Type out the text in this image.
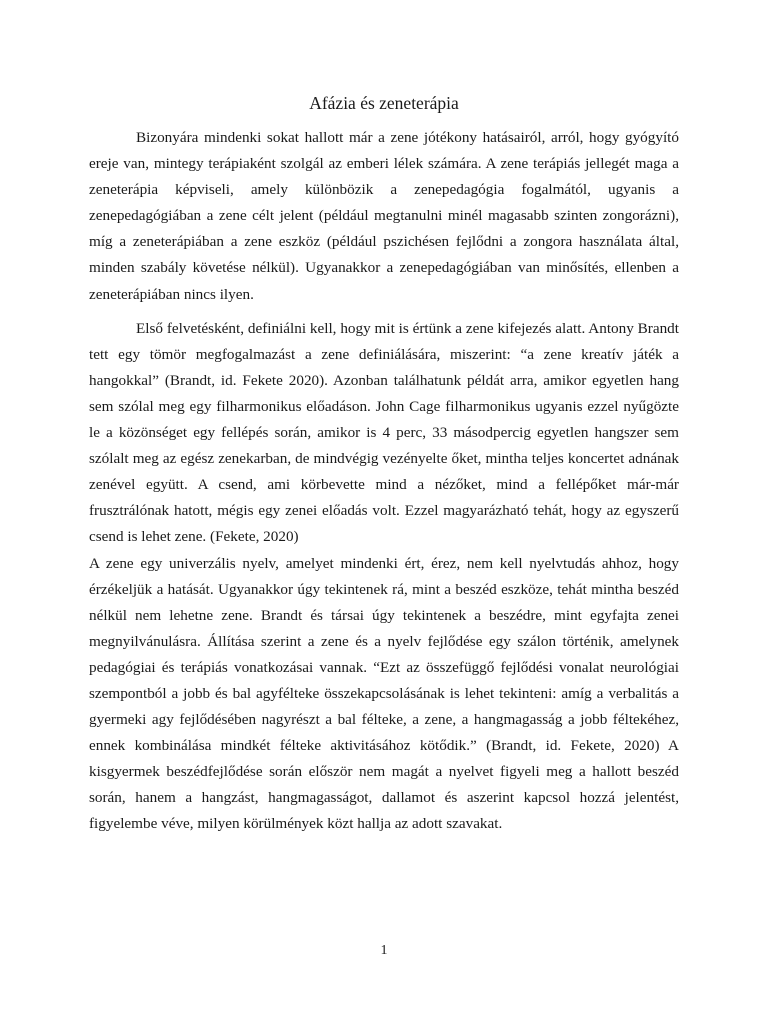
Afázia és zeneterápia

Bizonyára mindenki sokat hallott már a zene jótékony hatásairól, arról, hogy gyógyító ereje van, mintegy terápiaként szolgál az emberi lélek számára. A zene terápiás jellegét maga a zeneterápia képviseli, amely különbözik a zenepedagógia fogalmától, ugyanis a zenepedagógiában a zene célt jelent (például megtanulni minél magasabb szinten zongorázni), míg a zeneterápiában a zene eszköz (például pszichésen fejlődni a zongora használata által, minden szabály követése nélkül). Ugyanakkor a zenepedagógiában van minősítés, ellenben a zeneterápiában nincs ilyen.

Első felvetésként, definiálni kell, hogy mit is értünk a zene kifejezés alatt. Antony Brandt tett egy tömör megfogalmazást a zene definiálására, miszerint: “a zene kreatív játék a hangokkal” (Brandt, id. Fekete 2020). Azonban találhatunk példát arra, amikor egyetlen hang sem szólal meg egy filharmonikus előadáson. John Cage filharmonikus ugyanis ezzel nyűgözte le a közönséget egy fellépés során, amikor is 4 perc, 33 másodpercig egyetlen hangszer sem szólalt meg az egész zenekarban, de mindvégig vezényelte őket, mintha teljes koncertet adnának zenével együtt. A csend, ami körbevette mind a nézőket, mind a fellépőket már-már frusztrálónak hatott, mégis egy zenei előadás volt. Ezzel magyarázható tehát, hogy az egyszerű csend is lehet zene. (Fekete, 2020)

A zene egy univerzális nyelv, amelyet mindenki ért, érez, nem kell nyelvtudás ahhoz, hogy érzékeljük a hatását. Ugyanakkor úgy tekintenek rá, mint a beszéd eszköze, tehát mintha beszéd nélkül nem lehetne zene. Brandt és társai úgy tekintenek a beszédre, mint egyfajta zenei megnyilvánulásra. Állítása szerint a zene és a nyelv fejlődése egy szálon történik, amelynek pedagógiai és terápiás vonatkozásai vannak. “Ezt az összefüggő fejlődési vonalat neurológiai szempontból a jobb és bal agyfélteke összekapcsolásának is lehet tekinteni: amíg a verbalitás a gyermeki agy fejlődésében nagyrészt a bal félteke, a zene, a hangmagasság a jobb féltekéhez, ennek kombinálása mindkét félteke aktivitásához kötődik.” (Brandt, id. Fekete, 2020) A kisgyermek beszédfejlődése során először nem magát a nyelvet figyeli meg a hallott beszéd során, hanem a hangzást, hangmagasságot, dallamot és aszerint kapcsol hozzá jelentést, figyelembe véve, milyen körülmények közt hallja az adott szavakat.

1
